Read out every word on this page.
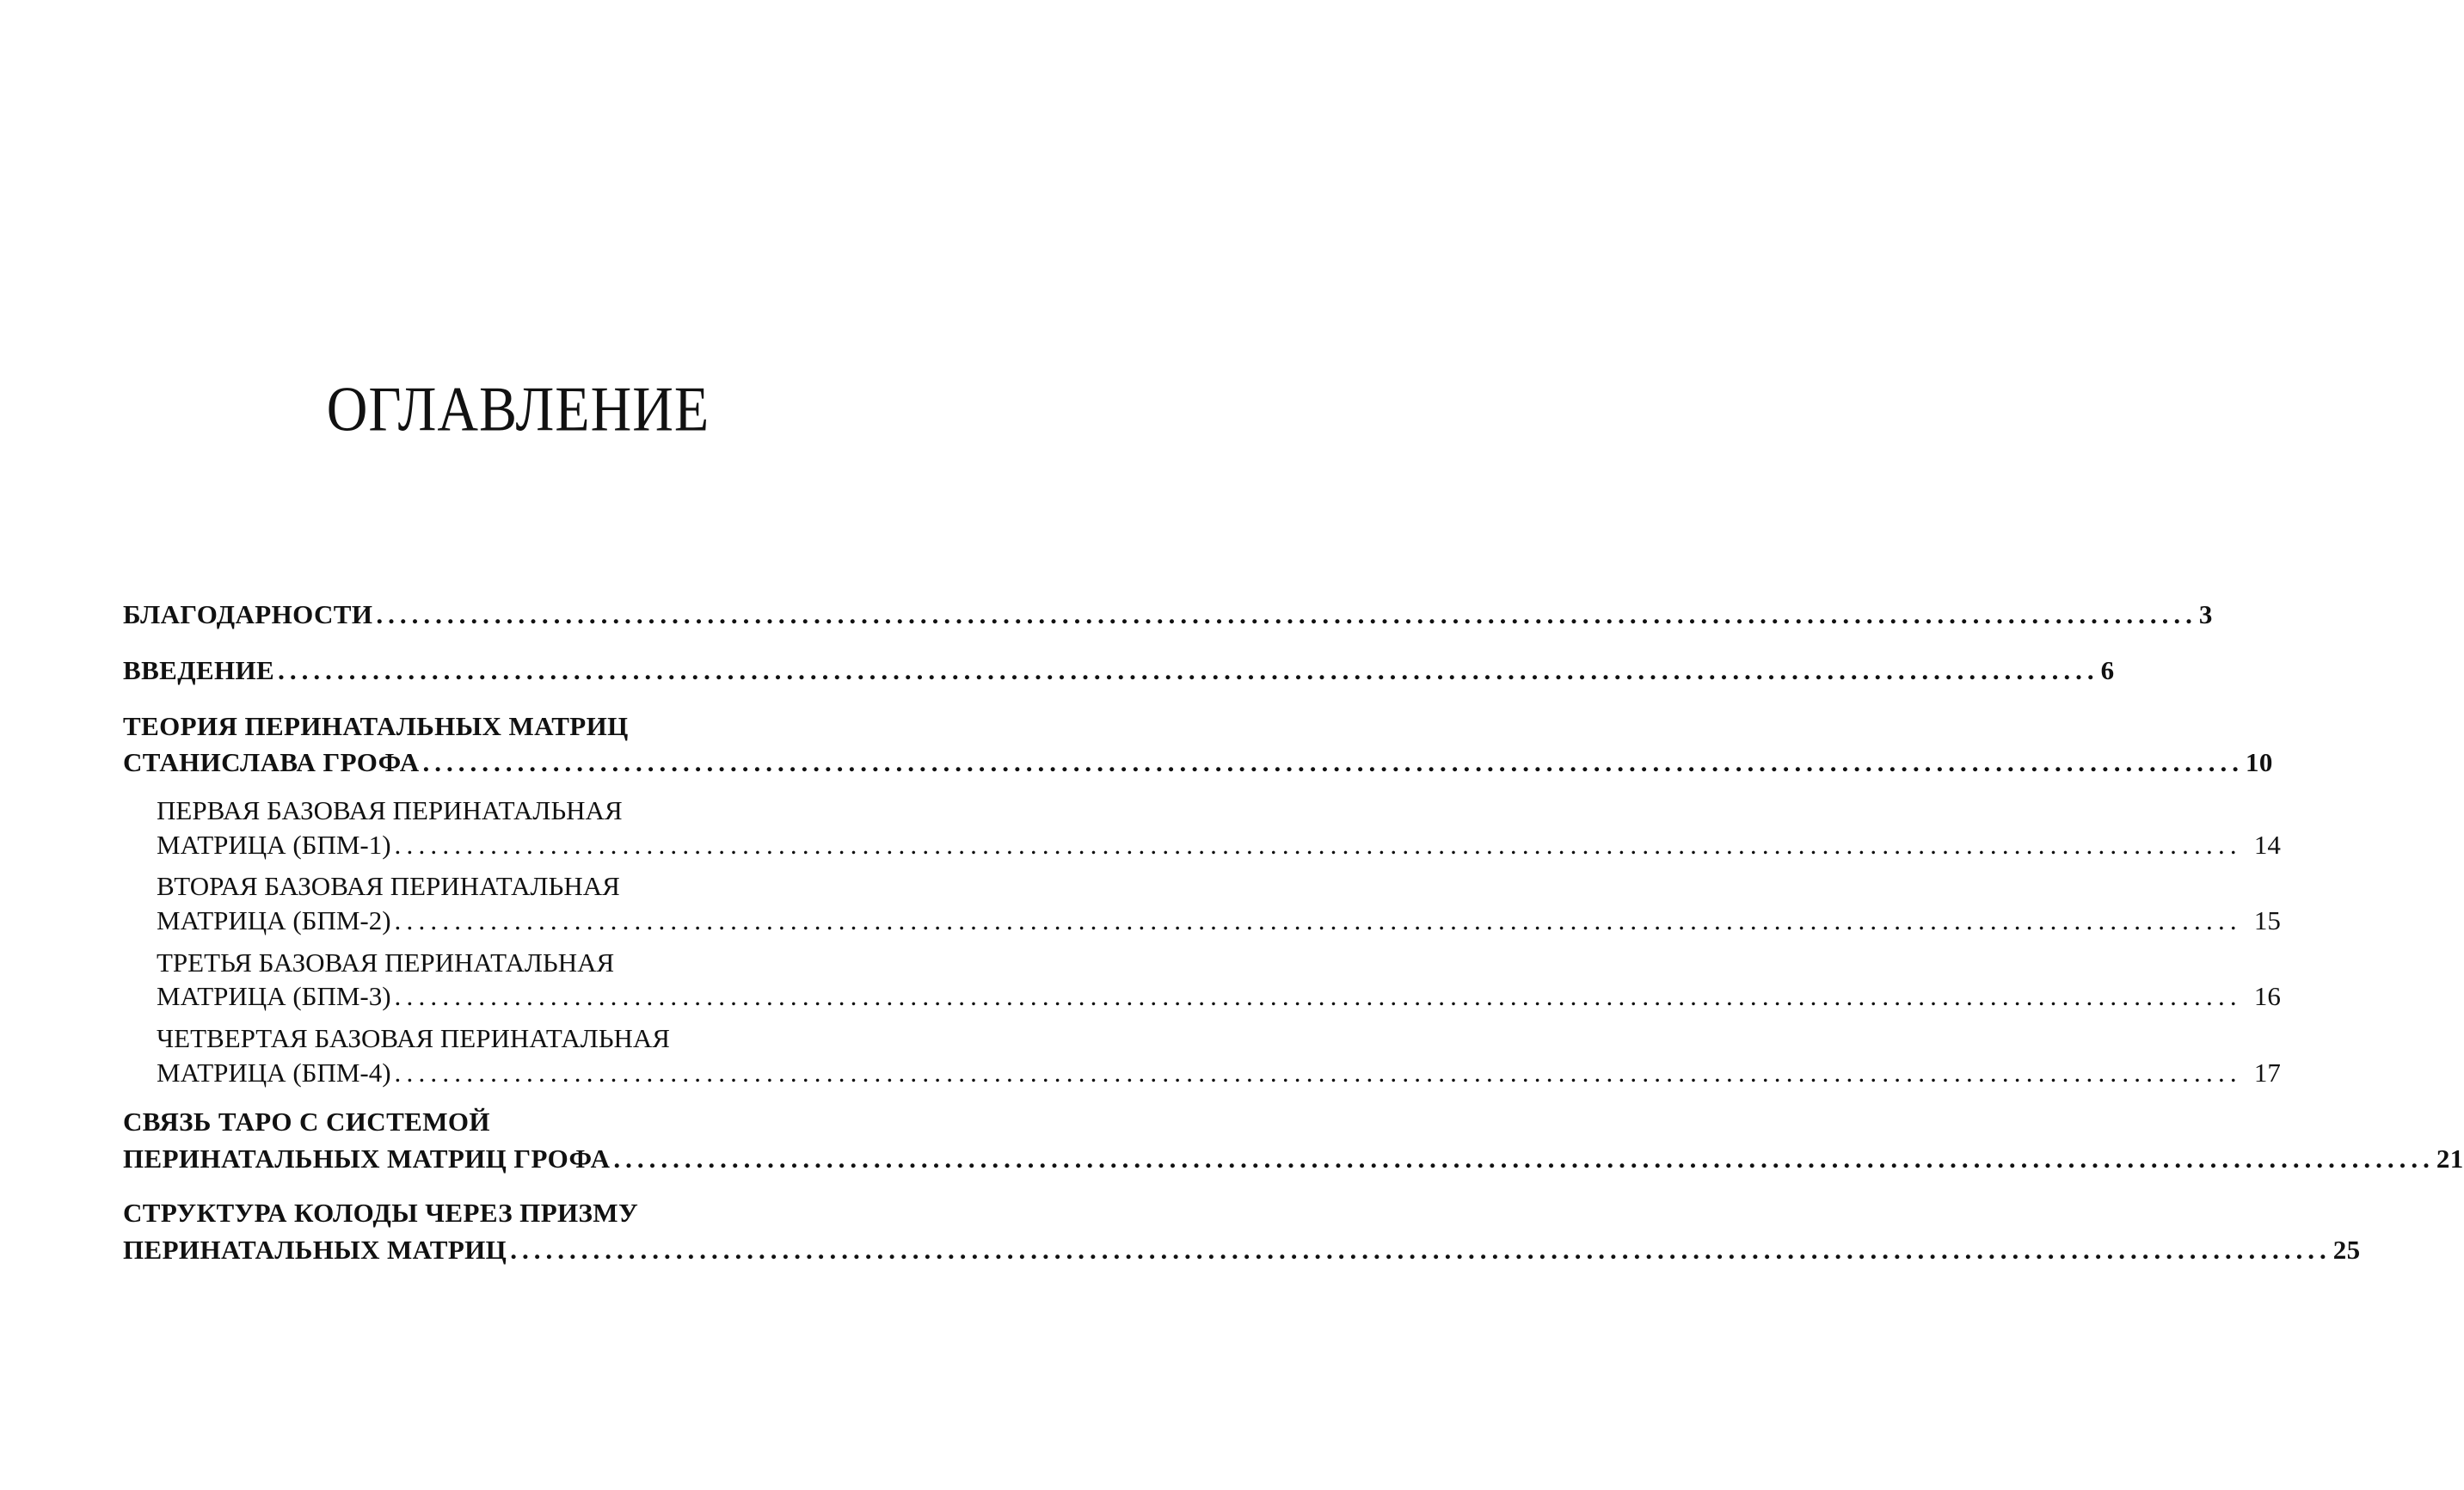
ОГЛАВЛЕНИЕ
БЛАГОДАРНОСТИ .......................................................................................................................................................... 3
ВВЕДЕНИЕ .......................................................................................................................................................... 6
ТЕОРИЯ ПЕРИНАТАЛЬНЫХ МАТРИЦ
СТАНИСЛАВА ГРОФА .......................................................................................................................................................... 10
ПЕРВАЯ БАЗОВАЯ ПЕРИНАТАЛЬНАЯ
МАТРИЦА (БПМ-1) .......................................................................................................................................................... 14
ВТОРАЯ БАЗОВАЯ ПЕРИНАТАЛЬНАЯ
МАТРИЦА (БПМ-2) .......................................................................................................................................................... 15
ТРЕТЬЯ БАЗОВАЯ ПЕРИНАТАЛЬНАЯ
МАТРИЦА (БПМ-3) .......................................................................................................................................................... 16
ЧЕТВЕРТАЯ БАЗОВАЯ ПЕРИНАТАЛЬНАЯ
МАТРИЦА (БПМ-4) .......................................................................................................................................................... 17
СВЯЗЬ ТАРО С СИСТЕМОЙ
ПЕРИНАТАЛЬНЫХ МАТРИЦ ГРОФА .......................................................................................................................................................... 21
СТРУКТУРА КОЛОДЫ ЧЕРЕЗ ПРИЗМУ
ПЕРИНАТАЛЬНЫХ МАТРИЦ .......................................................................................................................................................... 25
